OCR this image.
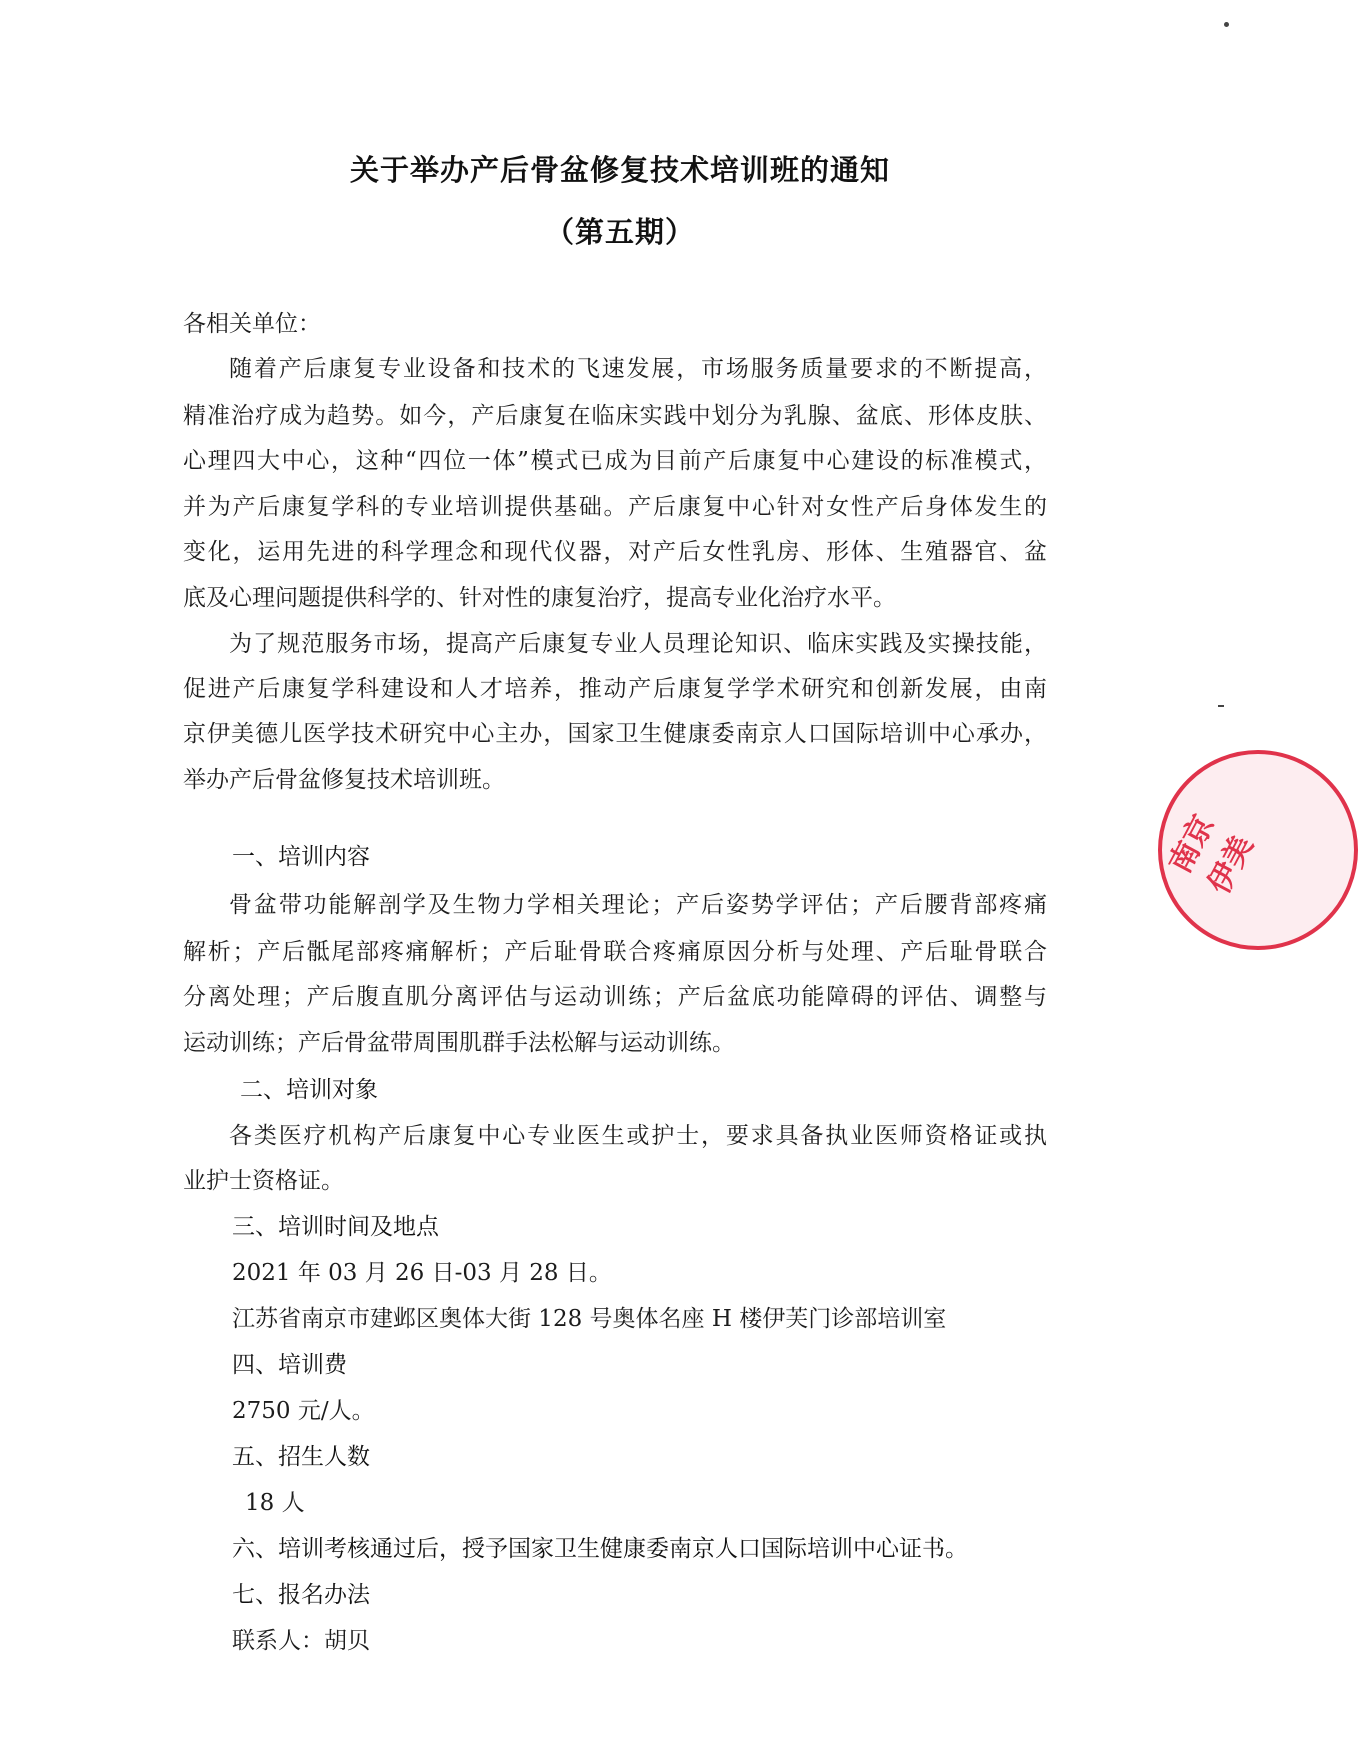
关于举办产后骨盆修复技术培训班的通知
（第五期）
各相关单位：
随着产后康复专业设备和技术的飞速发展，市场服务质量要求的不断提高，
精准治疗成为趋势。如今，产后康复在临床实践中划分为乳腺、盆底、形体皮肤、
心理四大中心，这种“四位一体”模式已成为目前产后康复中心建设的标准模式，
并为产后康复学科的专业培训提供基础。产后康复中心针对女性产后身体发生的
变化，运用先进的科学理念和现代仪器，对产后女性乳房、形体、生殖器官、盆
底及心理问题提供科学的、针对性的康复治疗，提高专业化治疗水平。
为了规范服务市场，提高产后康复专业人员理论知识、临床实践及实操技能，
促进产后康复学科建设和人才培养，推动产后康复学学术研究和创新发展，由南
京伊美德儿医学技术研究中心主办，国家卫生健康委南京人口国际培训中心承办，
举办产后骨盆修复技术培训班。
一、培训内容
骨盆带功能解剖学及生物力学相关理论；产后姿势学评估；产后腰背部疼痛
解析；产后骶尾部疼痛解析；产后耻骨联合疼痛原因分析与处理、产后耻骨联合
分离处理；产后腹直肌分离评估与运动训练；产后盆底功能障碍的评估、调整与
运动训练；产后骨盆带周围肌群手法松解与运动训练。
二、培训对象
各类医疗机构产后康复中心专业医生或护士，要求具备执业医师资格证或执
业护士资格证。
三、培训时间及地点
2021 年 03 月 26 日-03 月 28 日。
江苏省南京市建邺区奥体大街 128 号奥体名座 H 楼伊芙门诊部培训室
四、培训费
2750 元/人。
五、招生人数
18 人
六、培训考核通过后，授予国家卫生健康委南京人口国际培训中心证书。
七、报名办法
联系人：胡贝
南京伊美
